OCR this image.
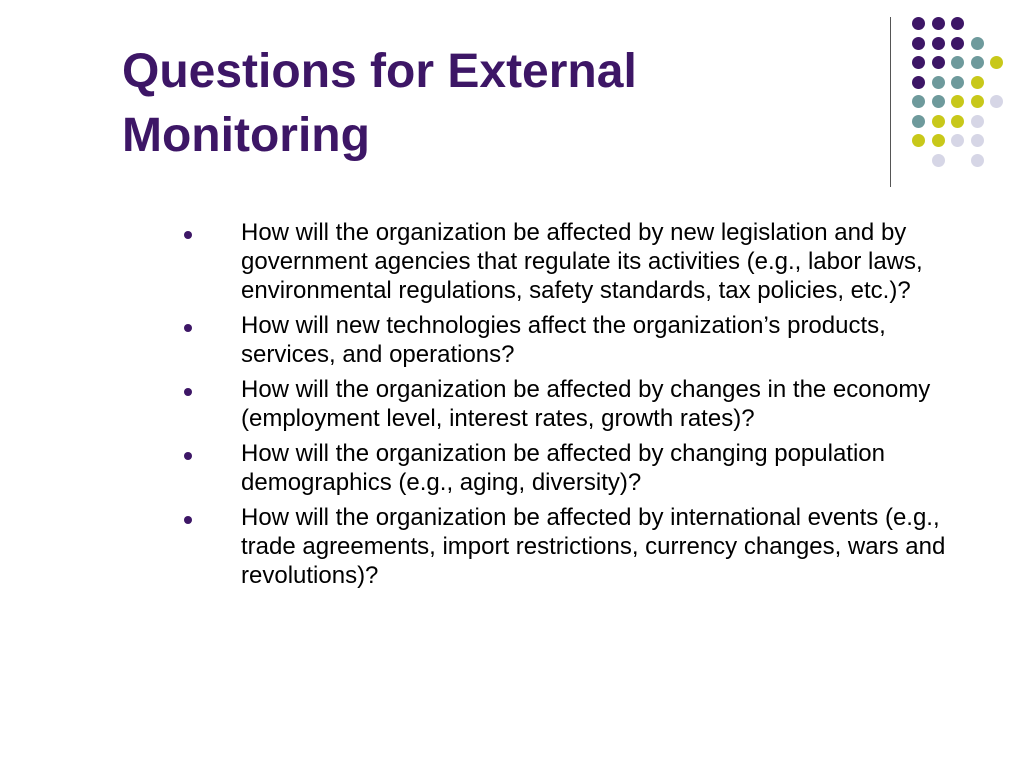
Questions for External
Monitoring
How will the organization be affected by new legislation and by government agencies that regulate its activities (e.g., labor laws, environmental regulations, safety standards, tax policies, etc.)?
How will new technologies affect the organization’s products, services, and operations?
How will the organization be affected by changes in the economy (employment level, interest rates, growth rates)?
How will the organization be affected by changing population demographics (e.g., aging, diversity)?
How will the organization be affected by international events (e.g., trade agreements, import restrictions, currency changes, wars and revolutions)?
